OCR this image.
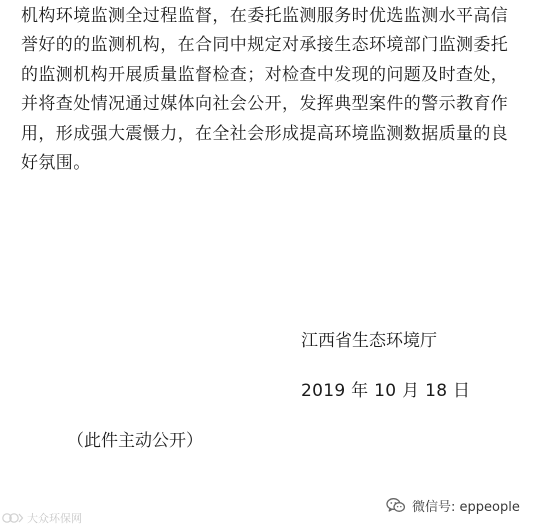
机构环境监测全过程监督，在委托监测服务时优选监测水平高信
誉好的的监测机构，在合同中规定对承接生态环境部门监测委托
的监测机构开展质量监督检查；对检查中发现的问题及时查处，
并将查处情况通过媒体向社会公开，发挥典型案件的警示教育作
用，形成强大震慑力，在全社会形成提高环境监测数据质量的良
好氛围。
江西省生态环境厅
2019 年 10 月 18 日
（此件主动公开）
微信号: eppeople
大众环保网
